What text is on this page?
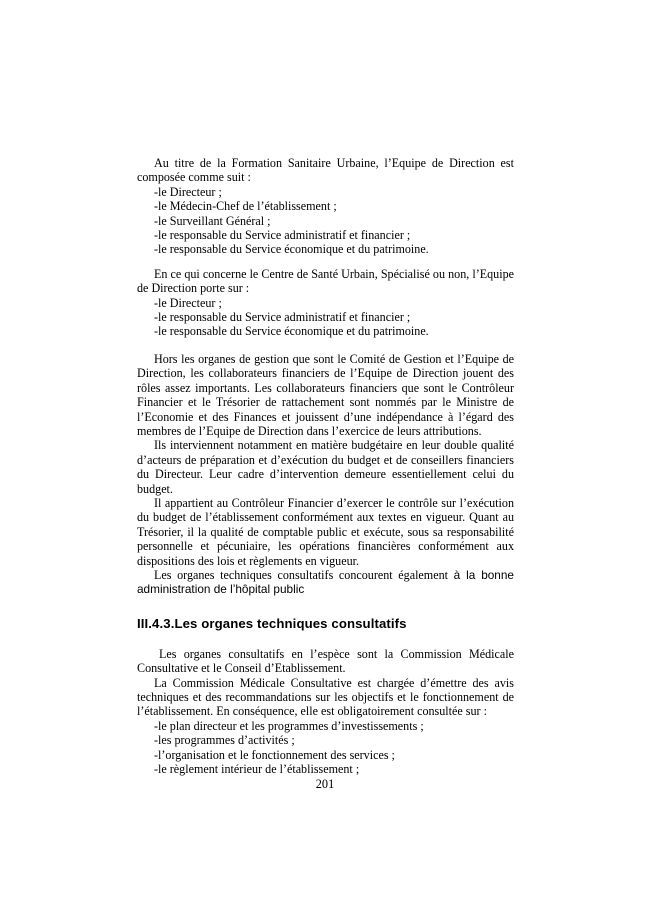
Au titre de la Formation Sanitaire Urbaine, l’Equipe de Direction est composée comme suit :

-le Directeur ;
-le Médecin-Chef de l’établissement ;
-le Surveillant Général ;
-le responsable du Service administratif et financier ;
-le responsable du Service économique et du patrimoine.

En ce qui concerne le Centre de Santé Urbain, Spécialisé ou non, l’Equipe de Direction porte sur :

-le Directeur ;
-le responsable du Service administratif et financier ;
-le responsable du Service économique et du patrimoine.

Hors les organes de gestion que sont le Comité de Gestion et l’Equipe de Direction, les collaborateurs financiers de l’Equipe de Direction jouent des rôles assez importants. Les collaborateurs financiers que sont le Contrôleur Financier et le Trésorier de rattachement sont nommés par le Ministre de l’Economie et des Finances et jouissent d’une indépendance à l’égard des membres de l’Equipe de Direction dans l’exercice de leurs attributions.

Ils interviennent notamment en matière budgétaire en leur double qualité d’acteurs de préparation et d’exécution du budget et de conseillers financiers du Directeur. Leur cadre d’intervention demeure essentiellement celui du budget.

Il appartient au Contrôleur Financier d’exercer le contrôle sur l’exécution du budget de l’établissement conformément aux textes en vigueur. Quant au Trésorier, il la qualité de comptable public et exécute, sous sa responsabilité personnelle et pécuniaire, les opérations financières conformément aux dispositions des lois et règlements en vigueur.

Les organes techniques consultatifs concourent également à la bonne administration de l’hôpital public

III.4.3.Les organes techniques consultatifs

Les organes consultatifs en l’espèce sont la Commission Médicale Consultative et le Conseil d’Etablissement.

La Commission Médicale Consultative est chargée d’émettre des avis techniques et des recommandations sur les objectifs et le fonctionnement de l’établissement. En conséquence, elle est obligatoirement consultée sur :

-le plan directeur et les programmes d’investissements ;
-les programmes d’activités ;
-l’organisation et le fonctionnement des services ;
-le règlement intérieur de l’établissement ;
201
